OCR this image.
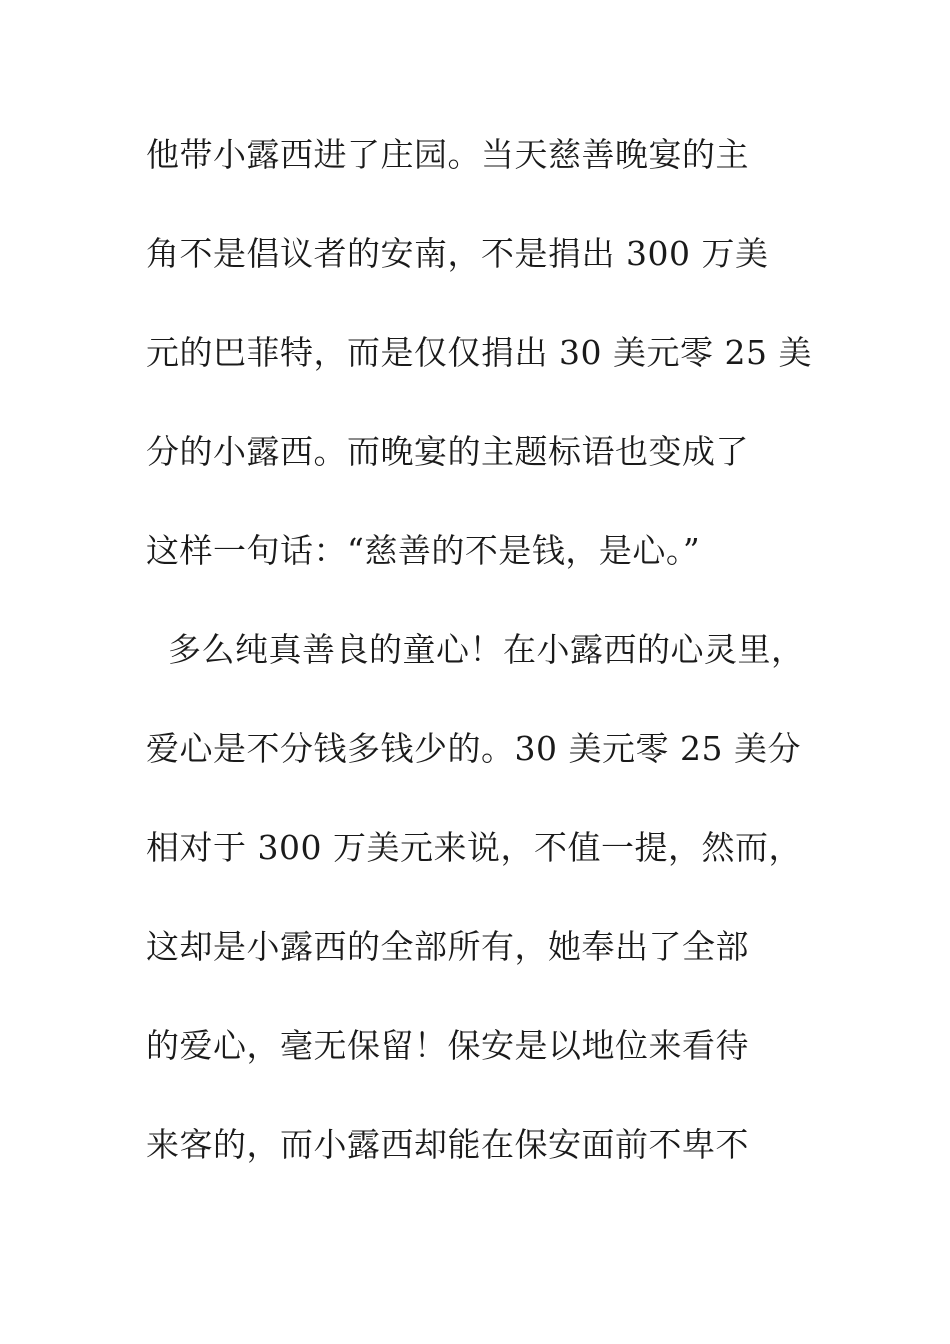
他带小露西进了庄园。当天慈善晚宴的主
角不是倡议者的安南，不是捐出 300 万美
元的巴菲特，而是仅仅捐出 30 美元零 25 美
分的小露西。而晚宴的主题标语也变成了
这样一句话：“慈善的不是钱，是心。”
多么纯真善良的童心！在小露西的心灵里，
爱心是不分钱多钱少的。30 美元零 25 美分
相对于 300 万美元来说，不值一提，然而，
这却是小露西的全部所有，她奉出了全部
的爱心，毫无保留！保安是以地位来看待
来客的，而小露西却能在保安面前不卑不
